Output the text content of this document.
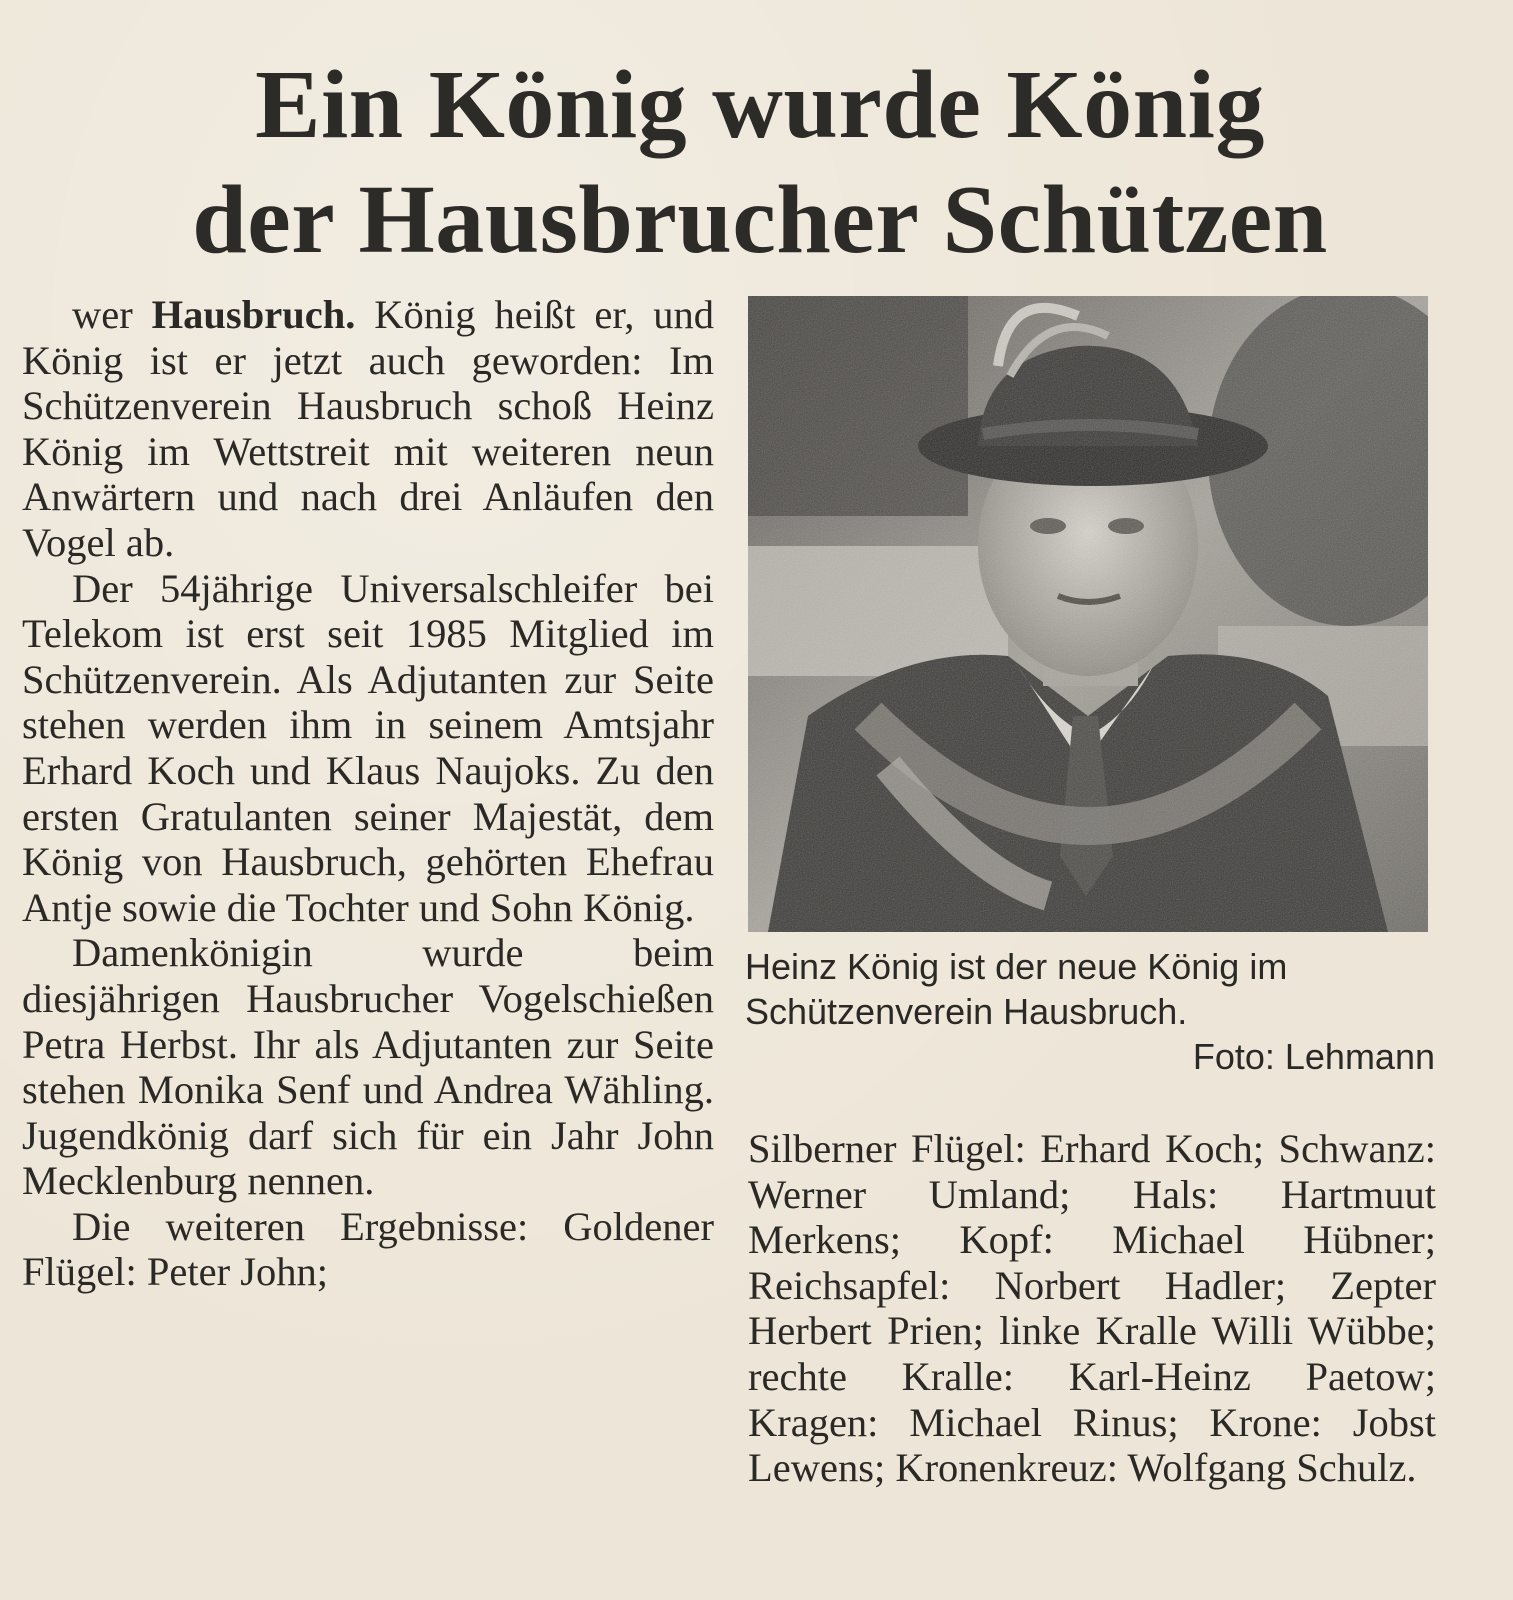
Ein König wurde König
der Hausbrucher Schützen

wer Hausbruch. König heißt er, und König ist er jetzt auch geworden: Im Schützenverein Hausbruch schoß Heinz König im Wettstreit mit weiteren neun Anwärtern und nach drei Anläufen den Vogel ab.

Der 54jährige Universalschleifer bei Telekom ist erst seit 1985 Mitglied im Schützenverein. Als Adjutanten zur Seite stehen werden ihm in seinem Amtsjahr Erhard Koch und Klaus Naujoks. Zu den ersten Gratulanten seiner Majestät, dem König von Hausbruch, gehörten Ehefrau Antje sowie die Tochter und Sohn König.

Damenkönigin wurde beim diesjährigen Hausbrucher Vogelschießen Petra Herbst. Ihr als Adjutanten zur Seite stehen Monika Senf und Andrea Wähling. Jugendkönig darf sich für ein Jahr John Mecklenburg nennen.

Die weiteren Ergebnisse: Goldener Flügel: Peter John;

Heinz König ist der neue König im Schützenverein Hausbruch.
Foto: Lehmann

Silberner Flügel: Erhard Koch; Schwanz: Werner Umland; Hals: Hartmuut Merkens; Kopf: Michael Hübner; Reichsapfel: Norbert Hadler; Zepter Herbert Prien; linke Kralle Willi Wübbe; rechte Kralle: Karl-Heinz Paetow; Kragen: Michael Rinus; Krone: Jobst Lewens; Kronenkreuz: Wolfgang Schulz.
